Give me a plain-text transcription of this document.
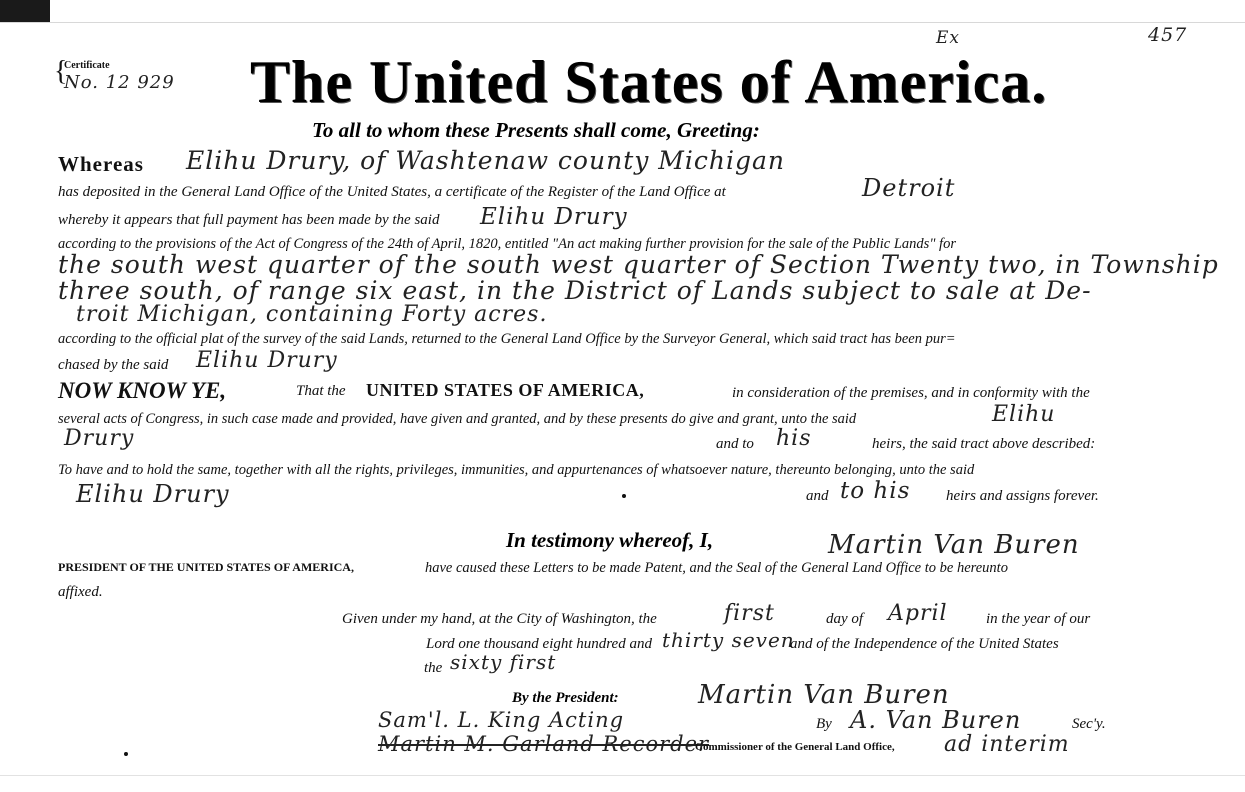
{
Certificate
No. 12 929
Ex	457
The United States of America.
To all to whom these Presents shall come, Greeting:
Whereas Elihu Drury, of Washtenaw county Michigan
has deposited in the General Land Office of the United States, a certificate of the Register of the Land Office at	Detroit
whereby it appears that full payment has been made by the said Elihu Drury
according to the provisions of the Act of Congress of the 24th of April, 1820, entitled "An act making further provision for the sale of the Public Lands" for
the south west quarter of the south west quarter of Section Twenty two, in Township
three south, of range six east, in the District of Lands subject to sale at De-
troit Michigan, containing Forty acres.
according to the official plat of the survey of the said Lands, returned to the General Land Office by the Surveyor General, which said tract has been pur=
chased by the said Elihu Drury
NOW KNOW YE,	That the UNITED STATES OF AMERICA,	in consideration of the premises, and in conformity with the
several acts of Congress, in such case made and provided, have given and granted, and by these presents do give and grant, unto the said	Elihu
Drury	and to his	heirs, the said tract above described:
To have and to hold the same, together with all the rights, privileges, immunities, and appurtenances of whatsoever nature, thereunto belonging, unto the said
Elihu Drury	and to his heirs and assigns forever.
In testimony whereof, I,	Martin Van Buren
PRESIDENT OF THE UNITED STATES OF AMERICA,	have caused these Letters to be made Patent, and the Seal of the General Land Office to be hereunto
affixed.
Given under my hand, at the City of Washington, the	first	day of April	in the year of our
Lord one thousand eight hundred and thirty seven
and of the Independence of the United States
the sixty first
By the President:	Martin Van Buren
Sam'l. L. King Acting	By A. Van Buren	Sec'y.
Martin M. Garland Recorder
Commissioner of the General Land Office, ad interim
